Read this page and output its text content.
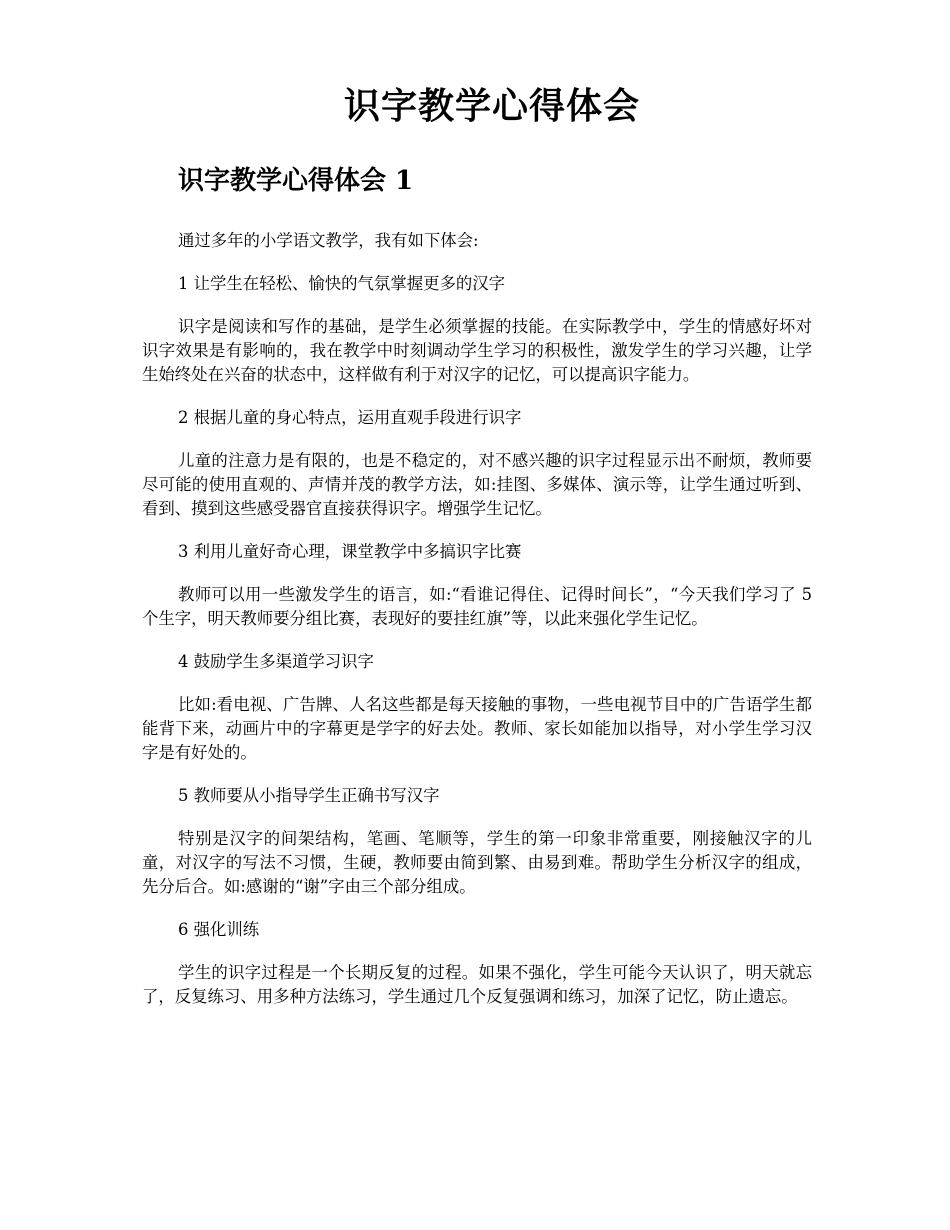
识字教学心得体会
识字教学心得体会 1

通过多年的小学语文教学，我有如下体会:

1 让学生在轻松、愉快的气氛掌握更多的汉字

识字是阅读和写作的基础，是学生必须掌握的技能。在实际教学中，学生的情感好坏对识字效果是有影响的，我在教学中时刻调动学生学习的积极性，激发学生的学习兴趣，让学生始终处在兴奋的状态中，这样做有利于对汉字的记忆，可以提高识字能力。

2 根据儿童的身心特点，运用直观手段进行识字

儿童的注意力是有限的，也是不稳定的，对不感兴趣的识字过程显示出不耐烦，教师要尽可能的使用直观的、声情并茂的教学方法，如:挂图、多媒体、演示等，让学生通过听到、看到、摸到这些感受器官直接获得识字。增强学生记忆。

3 利用儿童好奇心理，课堂教学中多搞识字比赛

教师可以用一些激发学生的语言，如:“看谁记得住、记得时间长”，“今天我们学习了 5 个生字，明天教师要分组比赛，表现好的要挂红旗”等，以此来强化学生记忆。

4 鼓励学生多渠道学习识字

比如:看电视、广告牌、人名这些都是每天接触的事物，一些电视节目中的广告语学生都能背下来，动画片中的字幕更是学字的好去处。教师、家长如能加以指导，对小学生学习汉字是有好处的。

5 教师要从小指导学生正确书写汉字

特别是汉字的间架结构，笔画、笔顺等，学生的第一印象非常重要，刚接触汉字的儿童，对汉字的写法不习惯，生硬，教师要由简到繁、由易到难。帮助学生分析汉字的组成，先分后合。如:感谢的“谢”字由三个部分组成。

6 强化训练

学生的识字过程是一个长期反复的过程。如果不强化，学生可能今天认识了，明天就忘了，反复练习、用多种方法练习，学生通过几个反复强调和练习，加深了记忆，防止遗忘。
